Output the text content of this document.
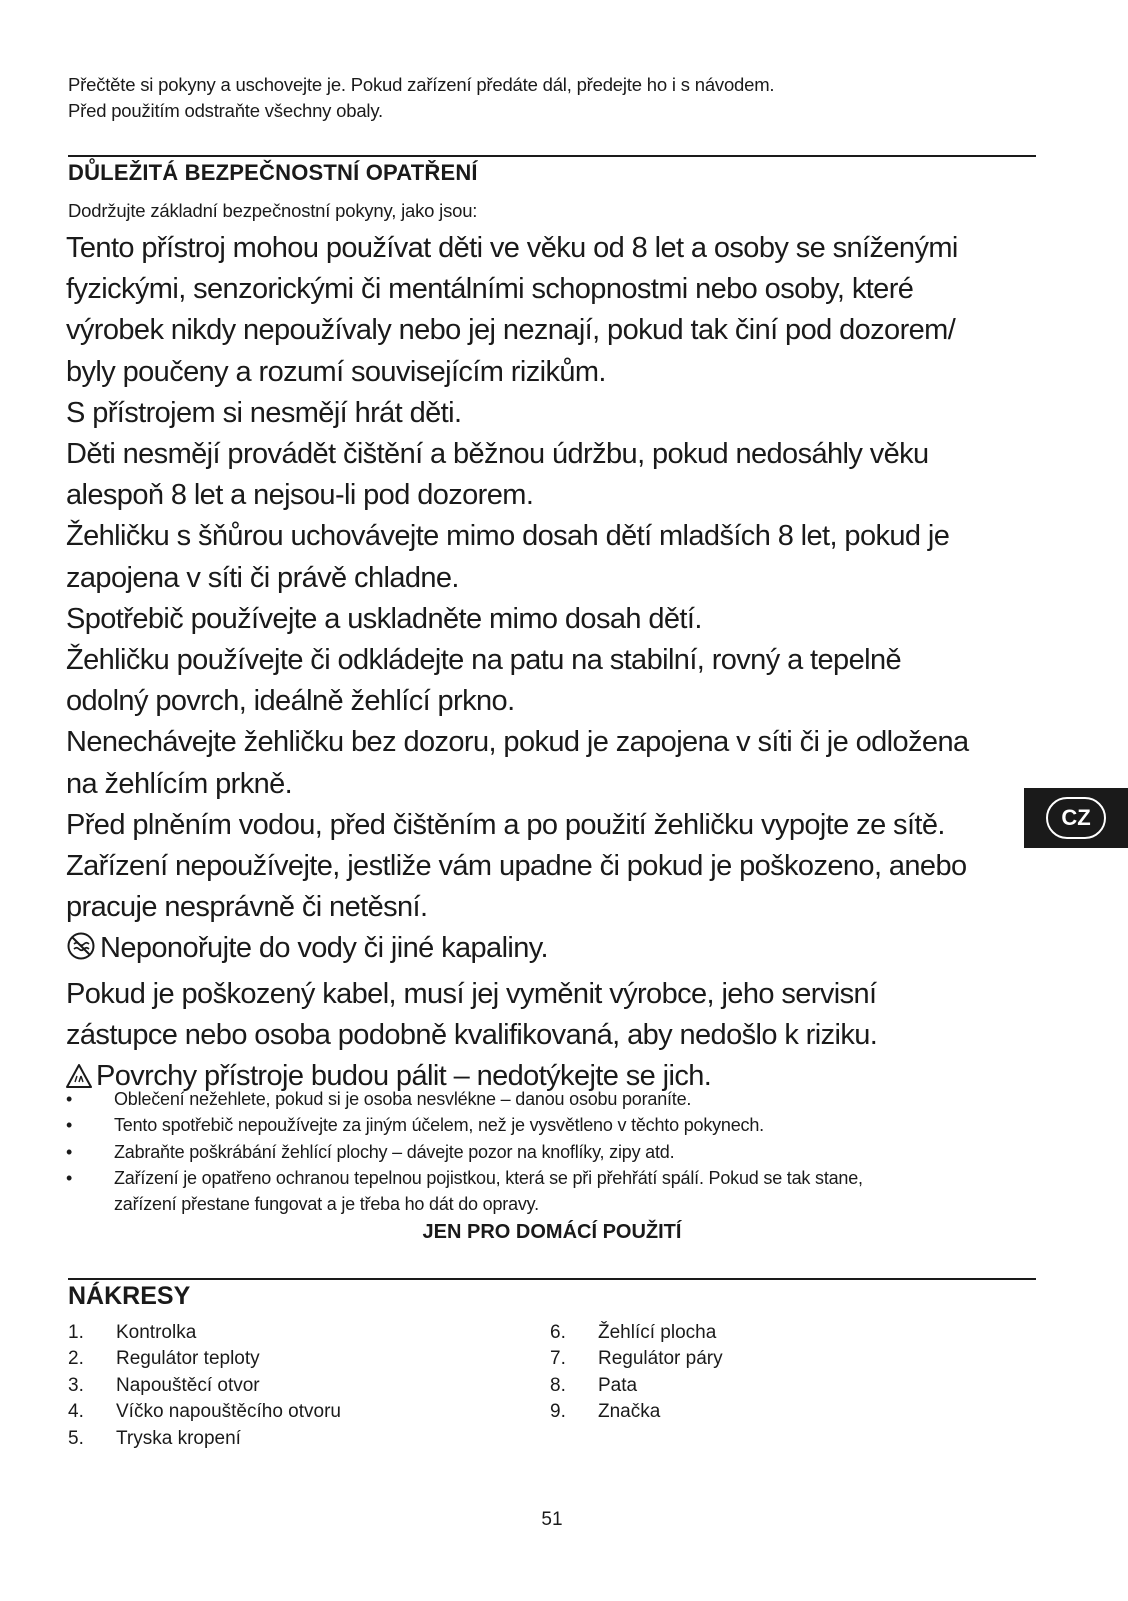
Přečtěte si pokyny a uschovejte je. Pokud zařízení předáte dál, předejte ho i s návodem.
Před použitím odstraňte všechny obaly.
DŮLEŽITÁ BEZPEČNOSTNÍ OPATŘENÍ
Dodržujte základní bezpečnostní pokyny, jako jsou:
Tento přístroj mohou používat děti ve věku od 8 let a osoby se sníženými
fyzickými, senzorickými či mentálními schopnostmi nebo osoby, které
výrobek nikdy nepoužívaly nebo jej neznají, pokud tak činí pod dozorem/
byly poučeny a rozumí souvisejícím rizikům.
S přístrojem si nesmějí hrát děti.
Děti nesmějí provádět čištění a běžnou údržbu, pokud nedosáhly věku
alespoň 8 let a nejsou-li pod dozorem.
Žehličku s šňůrou uchovávejte mimo dosah dětí mladších 8 let, pokud je
zapojena v síti či právě chladne.
Spotřebič používejte a uskladněte mimo dosah dětí.
Žehličku používejte či odkládejte na patu na stabilní, rovný a tepelně
odolný povrch, ideálně žehlící prkno.
Nenechávejte žehličku bez dozoru, pokud je zapojena v síti či je odložena
na žehlícím prkně.
Před plněním vodou, před čištěním a po použití žehličku vypojte ze sítě.
Zařízení nepoužívejte, jestliže vám upadne či pokud je poškozeno, anebo
pracuje nesprávně či netěsní.
Neponořujte do vody či jiné kapaliny.
Pokud je poškozený kabel, musí jej vyměnit výrobce, jeho servisní
zástupce nebo osoba podobně kvalifikovaná, aby nedošlo k riziku.
Povrchy přístroje budou pálit – nedotýkejte se jich.
• Oblečení nežehlete, pokud si je osoba nesvlékne – danou osobu poraníte.
• Tento spotřebič nepoužívejte za jiným účelem, než je vysvětleno v těchto pokynech.
• Zabraňte poškrábání žehlící plochy – dávejte pozor na knoflíky, zipy atd.
• Zařízení je opatřeno ochranou tepelnou pojistkou, která se při přehřátí spálí. Pokud se tak stane,
zařízení přestane fungovat a je třeba ho dát do opravy.
JEN PRO DOMÁCÍ POUŽITÍ
NÁKRESY
1. Kontrolka
2. Regulátor teploty
3. Napouštěcí otvor
4. Víčko napouštěcího otvoru
5. Tryska kropení
6. Žehlící plocha
7. Regulátor páry
8. Pata
9. Značka
CZ
51
